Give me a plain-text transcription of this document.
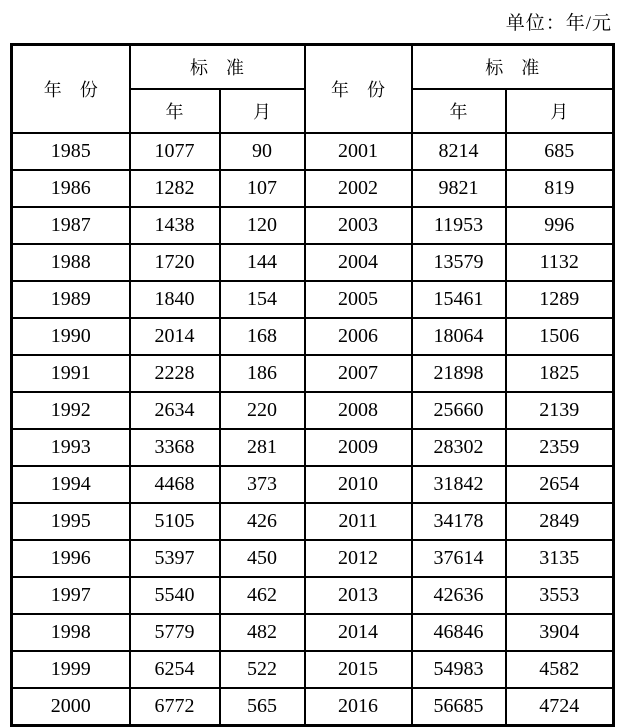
单位：年/元
年　份	标　准		年　份	标　准	
	年	月		年	月
1985	1077	90	2001	8214	685
1986	1282	107	2002	9821	819
1987	1438	120	2003	11953	996
1988	1720	144	2004	13579	1132
1989	1840	154	2005	15461	1289
1990	2014	168	2006	18064	1506
1991	2228	186	2007	21898	1825
1992	2634	220	2008	25660	2139
1993	3368	281	2009	28302	2359
1994	4468	373	2010	31842	2654
1995	5105	426	2011	34178	2849
1996	5397	450	2012	37614	3135
1997	5540	462	2013	42636	3553
1998	5779	482	2014	46846	3904
1999	6254	522	2015	54983	4582
2000	6772	565	2016	56685	4724
